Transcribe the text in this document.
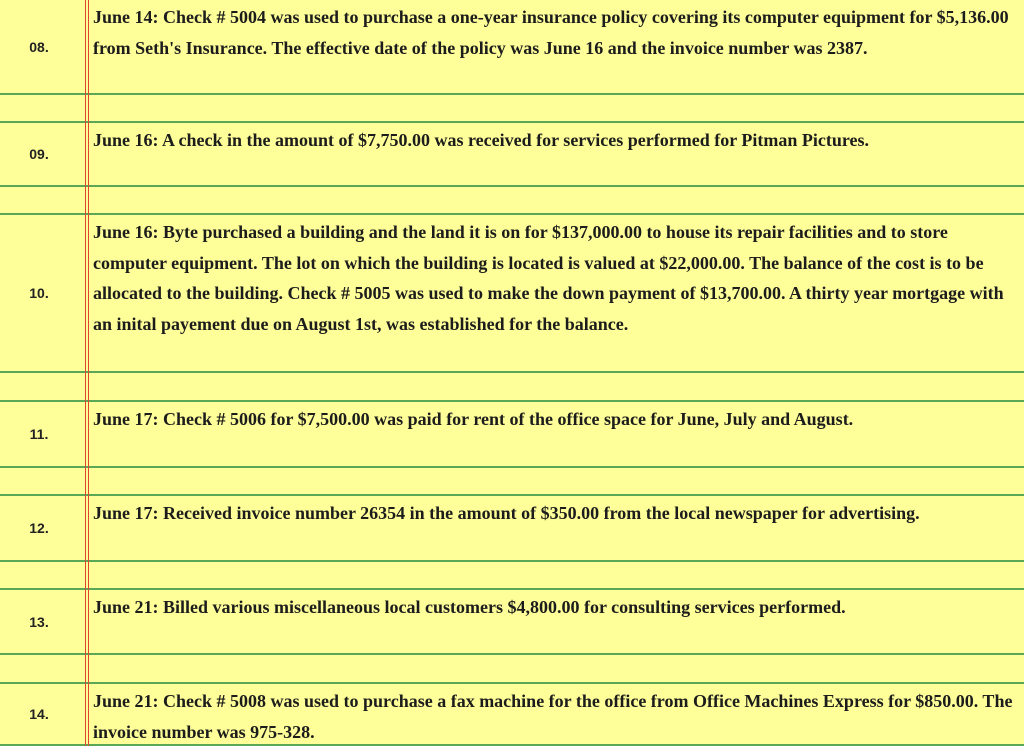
08.
June 14: Check # 5004 was used to purchase a one-year insurance policy covering its computer equipment for $5,136.00 from Seth's Insurance. The effective date of the policy was June 16 and the invoice number was 2387.
09.
June 16: A check in the amount of $7,750.00 was received for services performed for Pitman Pictures.
10.
June 16: Byte purchased a building and the land it is on for $137,000.00 to house its repair facilities and to store computer equipment. The lot on which the building is located is valued at $22,000.00. The balance of the cost is to be allocated to the building. Check # 5005 was used to make the down payment of $13,700.00. A thirty year mortgage with an inital payement due on August 1st, was established for the balance.
11.
June 17: Check # 5006 for $7,500.00 was paid for rent of the office space for June, July and August.
12.
June 17: Received invoice number 26354 in the amount of $350.00 from the local newspaper for advertising.
13.
June 21: Billed various miscellaneous local customers $4,800.00 for consulting services performed.
14.
June 21: Check # 5008 was used to purchase a fax machine for the office from Office Machines Express for $850.00. The invoice number was 975-328.
